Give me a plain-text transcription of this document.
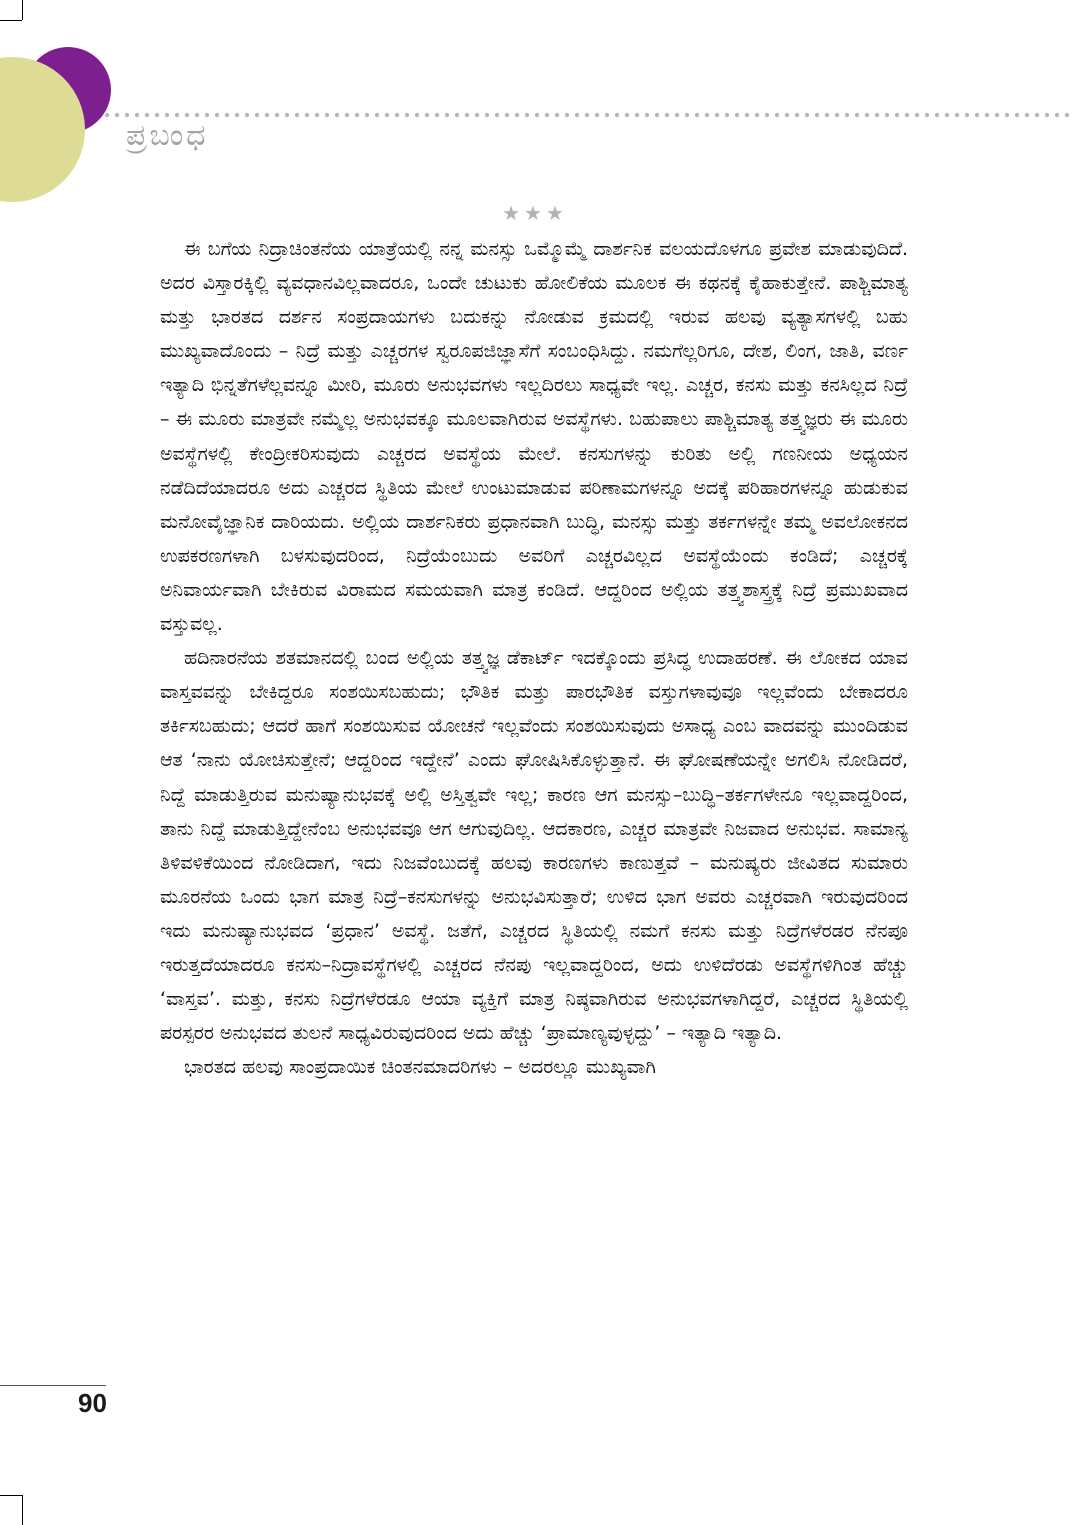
ಪ್ರಬಂಧ
★★★

ಈ ಬಗೆಯ ನಿದ್ರಾಚಿಂತನೆಯ ಯಾತ್ರೆಯಲ್ಲಿ ನನ್ನ ಮನಸ್ಸು ಒಮ್ಮೊಮ್ಮೆ ದಾರ್ಶನಿಕ ವಲಯದೊಳಗೂ ಪ್ರವೇಶ ಮಾಡುವುದಿದೆ. ಅದರ ವಿಸ್ತಾರಕ್ಕಿಲ್ಲಿ ವ್ಯವಧಾನವಿಲ್ಲವಾದರೂ, ಒಂದೇ ಚುಟುಕು ಹೋಲಿಕೆಯ ಮೂಲಕ ಈ ಕಥನಕ್ಕೆ ಕೈಹಾಕುತ್ತೇನೆ. ಪಾಶ್ಚಿಮಾತ್ಯ ಮತ್ತು ಭಾರತದ ದರ್ಶನ ಸಂಪ್ರದಾಯಗಳು ಬದುಕನ್ನು ನೋಡುವ ಕ್ರಮದಲ್ಲಿ ಇರುವ ಹಲವು ವ್ಯತ್ಯಾಸಗಳಲ್ಲಿ ಬಹು ಮುಖ್ಯವಾದೊಂದು – ನಿದ್ರೆ ಮತ್ತು ಎಚ್ಚರಗಳ ಸ್ವರೂಪಜಿಜ್ಞಾಸೆಗೆ ಸಂಬಂಧಿಸಿದ್ದು. ನಮಗೆಲ್ಲರಿಗೂ, ದೇಶ, ಲಿಂಗ, ಜಾತಿ, ವರ್ಣ ಇತ್ಯಾದಿ ಭಿನ್ನತೆಗಳೆಲ್ಲವನ್ನೂ ಮೀರಿ, ಮೂರು ಅನುಭವಗಳು ಇಲ್ಲದಿರಲು ಸಾಧ್ಯವೇ ಇಲ್ಲ. ಎಚ್ಚರ, ಕನಸು ಮತ್ತು ಕನಸಿಲ್ಲದ ನಿದ್ರೆ – ಈ ಮೂರು ಮಾತ್ರವೇ ನಮ್ಮೆಲ್ಲ ಅನುಭವಕ್ಕೂ ಮೂಲವಾಗಿರುವ ಅವಸ್ಥೆಗಳು. ಬಹುಪಾಲು ಪಾಶ್ಚಿಮಾತ್ಯ ತತ್ತ್ವಜ್ಞರು ಈ ಮೂರು ಅವಸ್ಥೆಗಳಲ್ಲಿ ಕೇಂದ್ರೀಕರಿಸುವುದು ಎಚ್ಚರದ ಅವಸ್ಥೆಯ ಮೇಲೆ. ಕನಸುಗಳನ್ನು ಕುರಿತು ಅಲ್ಲಿ ಗಣನೀಯ ಅಧ್ಯಯನ ನಡೆದಿದೆಯಾದರೂ ಅದು ಎಚ್ಚರದ ಸ್ಥಿತಿಯ ಮೇಲೆ ಉಂಟುಮಾಡುವ ಪರಿಣಾಮಗಳನ್ನೂ ಅದಕ್ಕೆ ಪರಿಹಾರಗಳನ್ನೂ ಹುಡುಕುವ ಮನೋವೈಜ್ಞಾನಿಕ ದಾರಿಯದು. ಅಲ್ಲಿಯ ದಾರ್ಶನಿಕರು ಪ್ರಧಾನವಾಗಿ ಬುದ್ಧಿ, ಮನಸ್ಸು ಮತ್ತು ತರ್ಕಗಳನ್ನೇ ತಮ್ಮ ಅವಲೋಕನದ ಉಪಕರಣಗಳಾಗಿ ಬಳಸುವುದರಿಂದ, ನಿದ್ರೆಯೆಂಬುದು ಅವರಿಗೆ ಎಚ್ಚರವಿಲ್ಲದ ಅವಸ್ಥೆಯೆಂದು ಕಂಡಿದೆ; ಎಚ್ಚರಕ್ಕೆ ಅನಿವಾರ್ಯವಾಗಿ ಬೇಕಿರುವ ವಿರಾಮದ ಸಮಯವಾಗಿ ಮಾತ್ರ ಕಂಡಿದೆ. ಆದ್ದರಿಂದ ಅಲ್ಲಿಯ ತತ್ತ್ವಶಾಸ್ತ್ರಕ್ಕೆ ನಿದ್ರೆ ಪ್ರಮುಖವಾದ ವಸ್ತುವಲ್ಲ.

ಹದಿನಾರನೆಯ ಶತಮಾನದಲ್ಲಿ ಬಂದ ಅಲ್ಲಿಯ ತತ್ತ್ವಜ್ಞ ಡೆಕಾರ್ಟ್ ಇದಕ್ಕೊಂದು ಪ್ರಸಿದ್ಧ ಉದಾಹರಣೆ. ಈ ಲೋಕದ ಯಾವ ವಾಸ್ತವವನ್ನು ಬೇಕಿದ್ದರೂ ಸಂಶಯಿಸಬಹುದು; ಭೌತಿಕ ಮತ್ತು ಪಾರಭೌತಿಕ ವಸ್ತುಗಳಾವುವೂ ಇಲ್ಲವೆಂದು ಬೇಕಾದರೂ ತರ್ಕಿಸಬಹುದು; ಆದರೆ ಹಾಗೆ ಸಂಶಯಿಸುವ ಯೋಚನೆ ಇಲ್ಲವೆಂದು ಸಂಶಯಿಸುವುದು ಅಸಾಧ್ಯ ಎಂಬ ವಾದವನ್ನು ಮುಂದಿಡುವ ಆತ ‘ನಾನು ಯೋಚಿಸುತ್ತೇನೆ; ಆದ್ದರಿಂದ ಇದ್ದೇನೆ’ ಎಂದು ಘೋಷಿಸಿಕೊಳ್ಳುತ್ತಾನೆ. ಈ ಘೋಷಣೆಯನ್ನೇ ಅಗಲಿಸಿ ನೋಡಿದರೆ, ನಿದ್ದೆ ಮಾಡುತ್ತಿರುವ ಮನುಷ್ಯಾನುಭವಕ್ಕೆ ಅಲ್ಲಿ ಅಸ್ತಿತ್ವವೇ ಇಲ್ಲ; ಕಾರಣ ಆಗ ಮನಸ್ಸು–ಬುದ್ಧಿ–ತರ್ಕಗಳೇನೂ ಇಲ್ಲವಾದ್ದರಿಂದ, ತಾನು ನಿದ್ದೆ ಮಾಡುತ್ತಿದ್ದೇನೆಂಬ ಅನುಭವವೂ ಆಗ ಆಗುವುದಿಲ್ಲ. ಆದಕಾರಣ, ಎಚ್ಚರ ಮಾತ್ರವೇ ನಿಜವಾದ ಅನುಭವ. ಸಾಮಾನ್ಯ ತಿಳಿವಳಿಕೆಯಿಂದ ನೋಡಿದಾಗ, ಇದು ನಿಜವೆಂಬುದಕ್ಕೆ ಹಲವು ಕಾರಣಗಳು ಕಾಣುತ್ತವೆ – ಮನುಷ್ಯರು ಜೀವಿತದ ಸುಮಾರು ಮೂರನೆಯ ಒಂದು ಭಾಗ ಮಾತ್ರ ನಿದ್ರೆ–ಕನಸುಗಳನ್ನು ಅನುಭವಿಸುತ್ತಾರೆ; ಉಳಿದ ಭಾಗ ಅವರು ಎಚ್ಚರವಾಗಿ ಇರುವುದರಿಂದ ಇದು ಮನುಷ್ಯಾನುಭವದ ‘ಪ್ರಧಾನ’ ಅವಸ್ಥೆ. ಜತೆಗೆ, ಎಚ್ಚರದ ಸ್ಥಿತಿಯಲ್ಲಿ ನಮಗೆ ಕನಸು ಮತ್ತು ನಿದ್ರೆಗಳೆರಡರ ನೆನಪೂ ಇರುತ್ತದೆಯಾದರೂ ಕನಸು–ನಿದ್ರಾವಸ್ಥೆಗಳಲ್ಲಿ ಎಚ್ಚರದ ನೆನಪು ಇಲ್ಲವಾದ್ದರಿಂದ, ಅದು ಉಳಿದೆರಡು ಅವಸ್ಥೆಗಳಿಗಿಂತ ಹೆಚ್ಚು ‘ವಾಸ್ತವ’. ಮತ್ತು, ಕನಸು ನಿದ್ರೆಗಳೆರಡೂ ಆಯಾ ವ್ಯಕ್ತಿಗೆ ಮಾತ್ರ ನಿಷ್ಠವಾಗಿರುವ ಅನುಭವಗಳಾಗಿದ್ದರೆ, ಎಚ್ಚರದ ಸ್ಥಿತಿಯಲ್ಲಿ ಪರಸ್ಪರರ ಅನುಭವದ ತುಲನೆ ಸಾಧ್ಯವಿರುವುದರಿಂದ ಅದು ಹೆಚ್ಚು ‘ಪ್ರಾಮಾಣ್ಯವುಳ್ಳದ್ದು’ – ಇತ್ಯಾದಿ ಇತ್ಯಾದಿ.

ಭಾರತದ ಹಲವು ಸಾಂಪ್ರದಾಯಿಕ ಚಿಂತನಮಾದರಿಗಳು – ಅದರಲ್ಲೂ ಮುಖ್ಯವಾಗಿ

90
